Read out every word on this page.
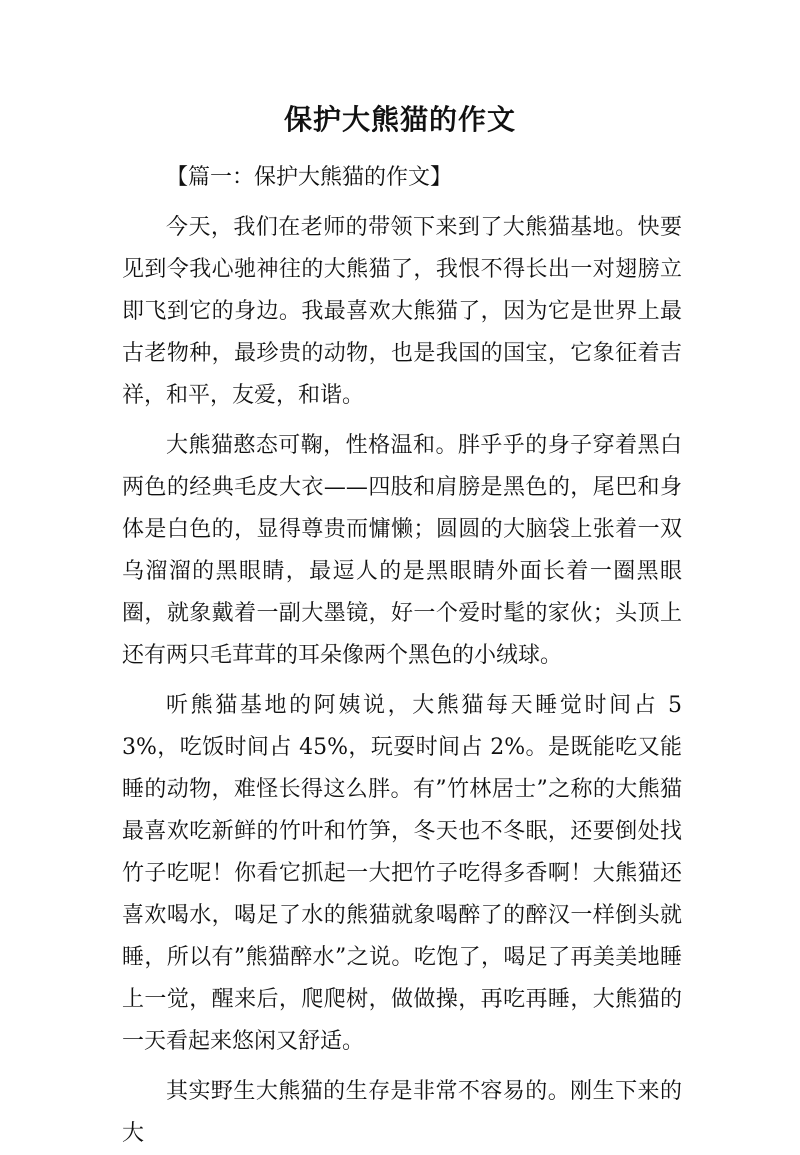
保护大熊猫的作文

【篇一：保护大熊猫的作文】

今天，我们在老师的带领下来到了大熊猫基地。快要见到令我心驰神往的大熊猫了，我恨不得长出一对翅膀立即飞到它的身边。我最喜欢大熊猫了，因为它是世界上最古老物种，最珍贵的动物，也是我国的国宝，它象征着吉祥，和平，友爱，和谐。

大熊猫憨态可鞠，性格温和。胖乎乎的身子穿着黑白两色的经典毛皮大衣——四肢和肩膀是黑色的，尾巴和身体是白色的，显得尊贵而慵懒；圆圆的大脑袋上张着一双乌溜溜的黑眼睛，最逗人的是黑眼睛外面长着一圈黑眼圈，就象戴着一副大墨镜，好一个爱时髦的家伙；头顶上还有两只毛茸茸的耳朵像两个黑色的小绒球。

听熊猫基地的阿姨说，大熊猫每天睡觉时间占 53%，吃饭时间占 45%，玩耍时间占 2%。是既能吃又能睡的动物，难怪长得这么胖。有”竹林居士”之称的大熊猫最喜欢吃新鲜的竹叶和竹笋，冬天也不冬眠，还要倒处找竹子吃呢！你看它抓起一大把竹子吃得多香啊！大熊猫还喜欢喝水，喝足了水的熊猫就象喝醉了的醉汉一样倒头就睡，所以有”熊猫醉水”之说。吃饱了，喝足了再美美地睡上一觉，醒来后，爬爬树，做做操，再吃再睡，大熊猫的一天看起来悠闲又舒适。

其实野生大熊猫的生存是非常不容易的。刚生下来的大
